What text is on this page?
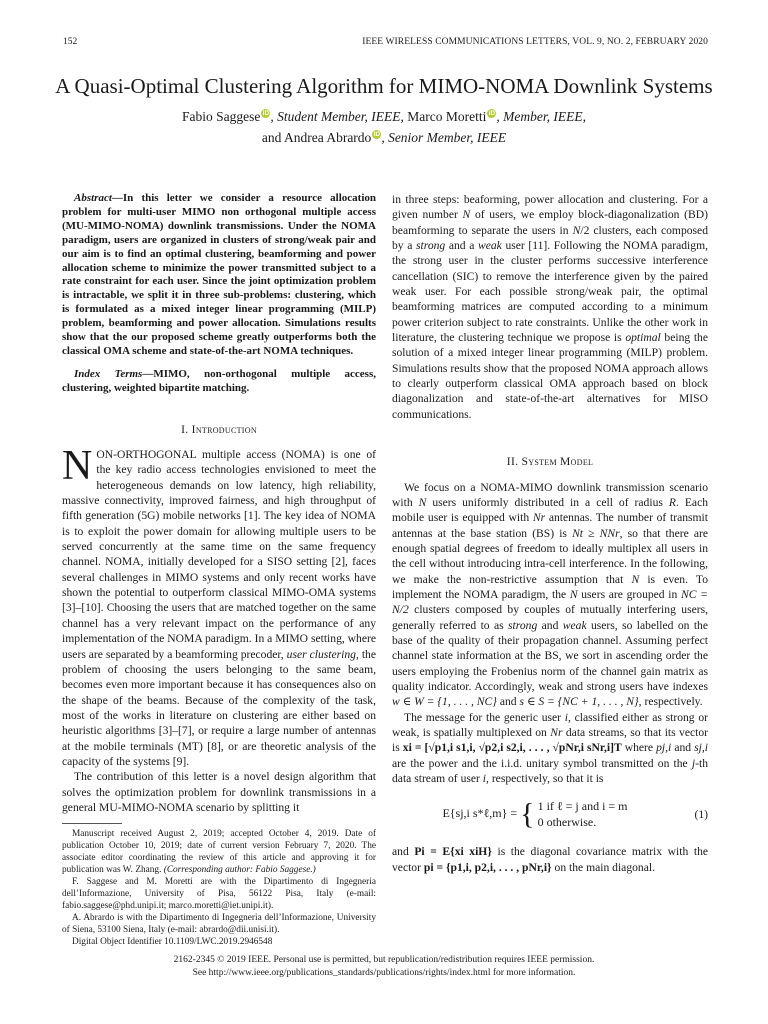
152	IEEE WIRELESS COMMUNICATIONS LETTERS, VOL. 9, NO. 2, FEBRUARY 2020
A Quasi-Optimal Clustering Algorithm for MIMO-NOMA Downlink Systems
Fabio Saggese iD, Student Member, IEEE, Marco Moretti iD, Member, IEEE,
and Andrea Abrardo iD, Senior Member, IEEE

Abstract—In this letter we consider a resource allocation problem for multi-user MIMO non orthogonal multiple access (MU-MIMO-NOMA) downlink transmissions. Under the NOMA paradigm, users are organized in clusters of strong/weak pair and our aim is to find an optimal clustering, beamforming and power allocation scheme to minimize the power transmitted subject to a rate constraint for each user. Since the joint optimization problem is intractable, we split it in three sub-problems: clustering, which is formulated as a mixed integer linear programming (MILP) problem, beamforming and power allocation. Simulations results show that the our proposed scheme greatly outperforms both the classical OMA scheme and state-of-the-art NOMA techniques.

Index Terms—MIMO, non-orthogonal multiple access, clustering, weighted bipartite matching.

I. Introduction

NON-ORTHOGONAL multiple access (NOMA) is one of the key radio access technologies envisioned to meet the heterogeneous demands on low latency, high reliability, massive connectivity, improved fairness, and high throughput of fifth generation (5G) mobile networks [1]. The key idea of NOMA is to exploit the power domain for allowing multiple users to be served concurrently at the same time on the same frequency channel. NOMA, initially developed for a SISO setting [2], faces several challenges in MIMO systems and only recent works have shown the potential to outperform classical MIMO-OMA systems [3]–[10]. Choosing the users that are matched together on the same channel has a very relevant impact on the performance of any implementation of the NOMA paradigm. In a MIMO setting, where users are separated by a beamforming precoder, user clustering, the problem of choosing the users belonging to the same beam, becomes even more important because it has consequences also on the shape of the beams. Because of the complexity of the task, most of the works in literature on clustering are either based on heuristic algorithms [3]–[7], or require a large number of antennas at the mobile terminals (MT) [8], or are theoretic analysis of the capacity of the systems [9].

The contribution of this letter is a novel design algorithm that solves the optimization problem for downlink transmissions in a general MU-MIMO-NOMA scenario by splitting it

Manuscript received August 2, 2019; accepted October 4, 2019. Date of publication October 10, 2019; date of current version February 7, 2020. The associate editor coordinating the review of this article and approving it for publication was W. Zhang. (Corresponding author: Fabio Saggese.)

F. Saggese and M. Moretti are with the Dipartimento di Ingegneria dell’Informazione, University of Pisa, 56122 Pisa, Italy (e-mail: fabio.saggese@phd.unipi.it; marco.moretti@iet.unipi.it).

A. Abrardo is with the Dipartimento di Ingegneria dell’Informazione, University of Siena, 53100 Siena, Italy (e-mail: abrardo@dii.unisi.it).

Digital Object Identifier 10.1109/LWC.2019.2946548

in three steps: beaforming, power allocation and clustering. For a given number N of users, we employ block-diagonalization (BD) beamforming to separate the users in N/2 clusters, each composed by a strong and a weak user [11]. Following the NOMA paradigm, the strong user in the cluster performs successive interference cancellation (SIC) to remove the interference given by the paired weak user. For each possible strong/weak pair, the optimal beamforming matrices are computed according to a minimum power criterion subject to rate constraints. Unlike the other work in literature, the clustering technique we propose is optimal being the solution of a mixed integer linear programming (MILP) problem. Simulations results show that the proposed NOMA approach allows to clearly outperform classical OMA approach based on block diagonalization and state-of-the-art alternatives for MISO communications.

II. System Model

We focus on a NOMA-MIMO downlink transmission scenario with N users uniformly distributed in a cell of radius R. Each mobile user is equipped with Nr antennas. The number of transmit antennas at the base station (BS) is Nt ≥ NNr, so that there are enough spatial degrees of freedom to ideally multiplex all users in the cell without introducing intra-cell interference. In the following, we make the non-restrictive assumption that N is even. To implement the NOMA paradigm, the N users are grouped in NC = N/2 clusters composed by couples of mutually interfering users, generally referred to as strong and weak users, so labelled on the base of the quality of their propagation channel. Assuming perfect channel state information at the BS, we sort in ascending order the users employing the Frobenius norm of the channel gain matrix as quality indicator. Accordingly, weak and strong users have indexes w ∈ W = {1, . . . , NC} and s ∈ S = {NC + 1, . . . , N}, respectively.

The message for the generic user i, classified either as strong or weak, is spatially multiplexed on Nr data streams, so that its vector is xi = [√p1,i s1,i, √p2,i s2,i, . . . , √pNr,i sNr,i]T where pj,i and sj,i are the power and the i.i.d. unitary symbol transmitted on the j-th data stream of user i, respectively, so that it is

E{sj,i s*ℓ,m} = { 1 if ℓ = j and i = m
0 otherwise.
(1)

and Pi = E{xi xiH} is the diagonal covariance matrix with the vector pi = {p1,i, p2,i, . . . , pNr,i} on the main diagonal.

2162-2345 © 2019 IEEE. Personal use is permitted, but republication/redistribution requires IEEE permission.
See http://www.ieee.org/publications_standards/publications/rights/index.html for more information.
